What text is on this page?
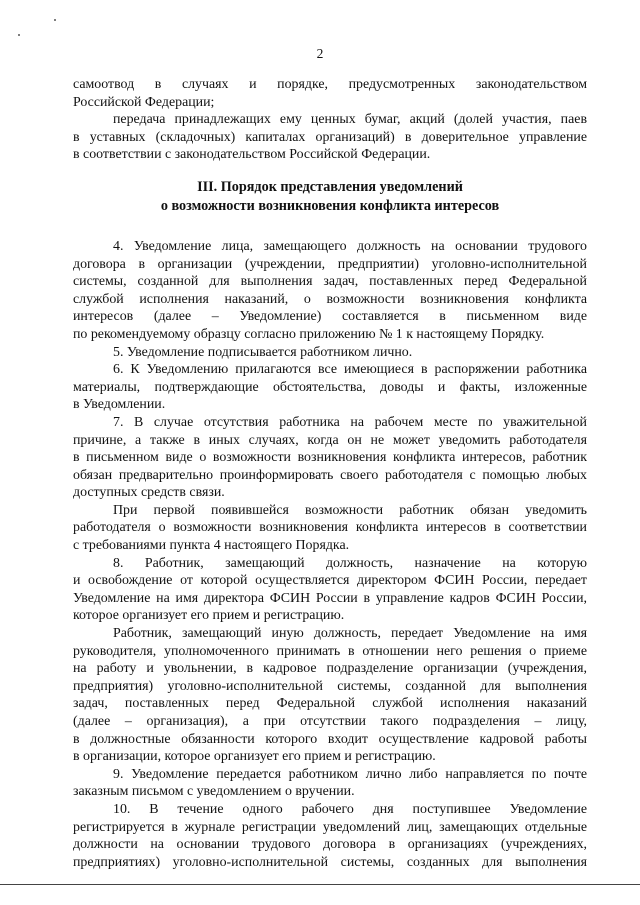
2
самоотвод в случаях и порядке, предусмотренных законодательством
Российской Федерации;
передача принадлежащих ему ценных бумаг, акций (долей участия, паев
в уставных (складочных) капиталах организаций) в доверительное управление
в соответствии с законодательством Российской Федерации.
III. Порядок представления уведомлений
о возможности возникновения конфликта интересов
4. Уведомление лица, замещающего должность на основании трудового
договора в организации (учреждении, предприятии) уголовно-исполнительной
системы, созданной для выполнения задач, поставленных перед Федеральной
службой исполнения наказаний, о возможности возникновения конфликта
интересов (далее – Уведомление) составляется в письменном виде
по рекомендуемому образцу согласно приложению № 1 к настоящему Порядку.
5. Уведомление подписывается работником лично.
6. К Уведомлению прилагаются все имеющиеся в распоряжении работника
материалы, подтверждающие обстоятельства, доводы и факты, изложенные
в Уведомлении.
7. В случае отсутствия работника на рабочем месте по уважительной
причине, а также в иных случаях, когда он не может уведомить работодателя
в письменном виде о возможности возникновения конфликта интересов, работник
обязан предварительно проинформировать своего работодателя с помощью любых
доступных средств связи.
При первой появившейся возможности работник обязан уведомить
работодателя о возможности возникновения конфликта интересов в соответствии
с требованиями пункта 4 настоящего Порядка.
8. Работник, замещающий должность, назначение на которую
и освобождение от которой осуществляется директором ФСИН России, передает
Уведомление на имя директора ФСИН России в управление кадров ФСИН России,
которое организует его прием и регистрацию.
Работник, замещающий иную должность, передает Уведомление на имя
руководителя, уполномоченного принимать в отношении него решения о приеме
на работу и увольнении, в кадровое подразделение организации (учреждения,
предприятия) уголовно-исполнительной системы, созданной для выполнения
задач, поставленных перед Федеральной службой исполнения наказаний
(далее – организация), а при отсутствии такого подразделения – лицу,
в должностные обязанности которого входит осуществление кадровой работы
в организации, которое организует его прием и регистрацию.
9. Уведомление передается работником лично либо направляется по почте
заказным письмом с уведомлением о вручении.
10. В течение одного рабочего дня поступившее Уведомление
регистрируется в журнале регистрации уведомлений лиц, замещающих отдельные
должности на основании трудового договора в организациях (учреждениях,
предприятиях) уголовно-исполнительной системы, созданных для выполнения
